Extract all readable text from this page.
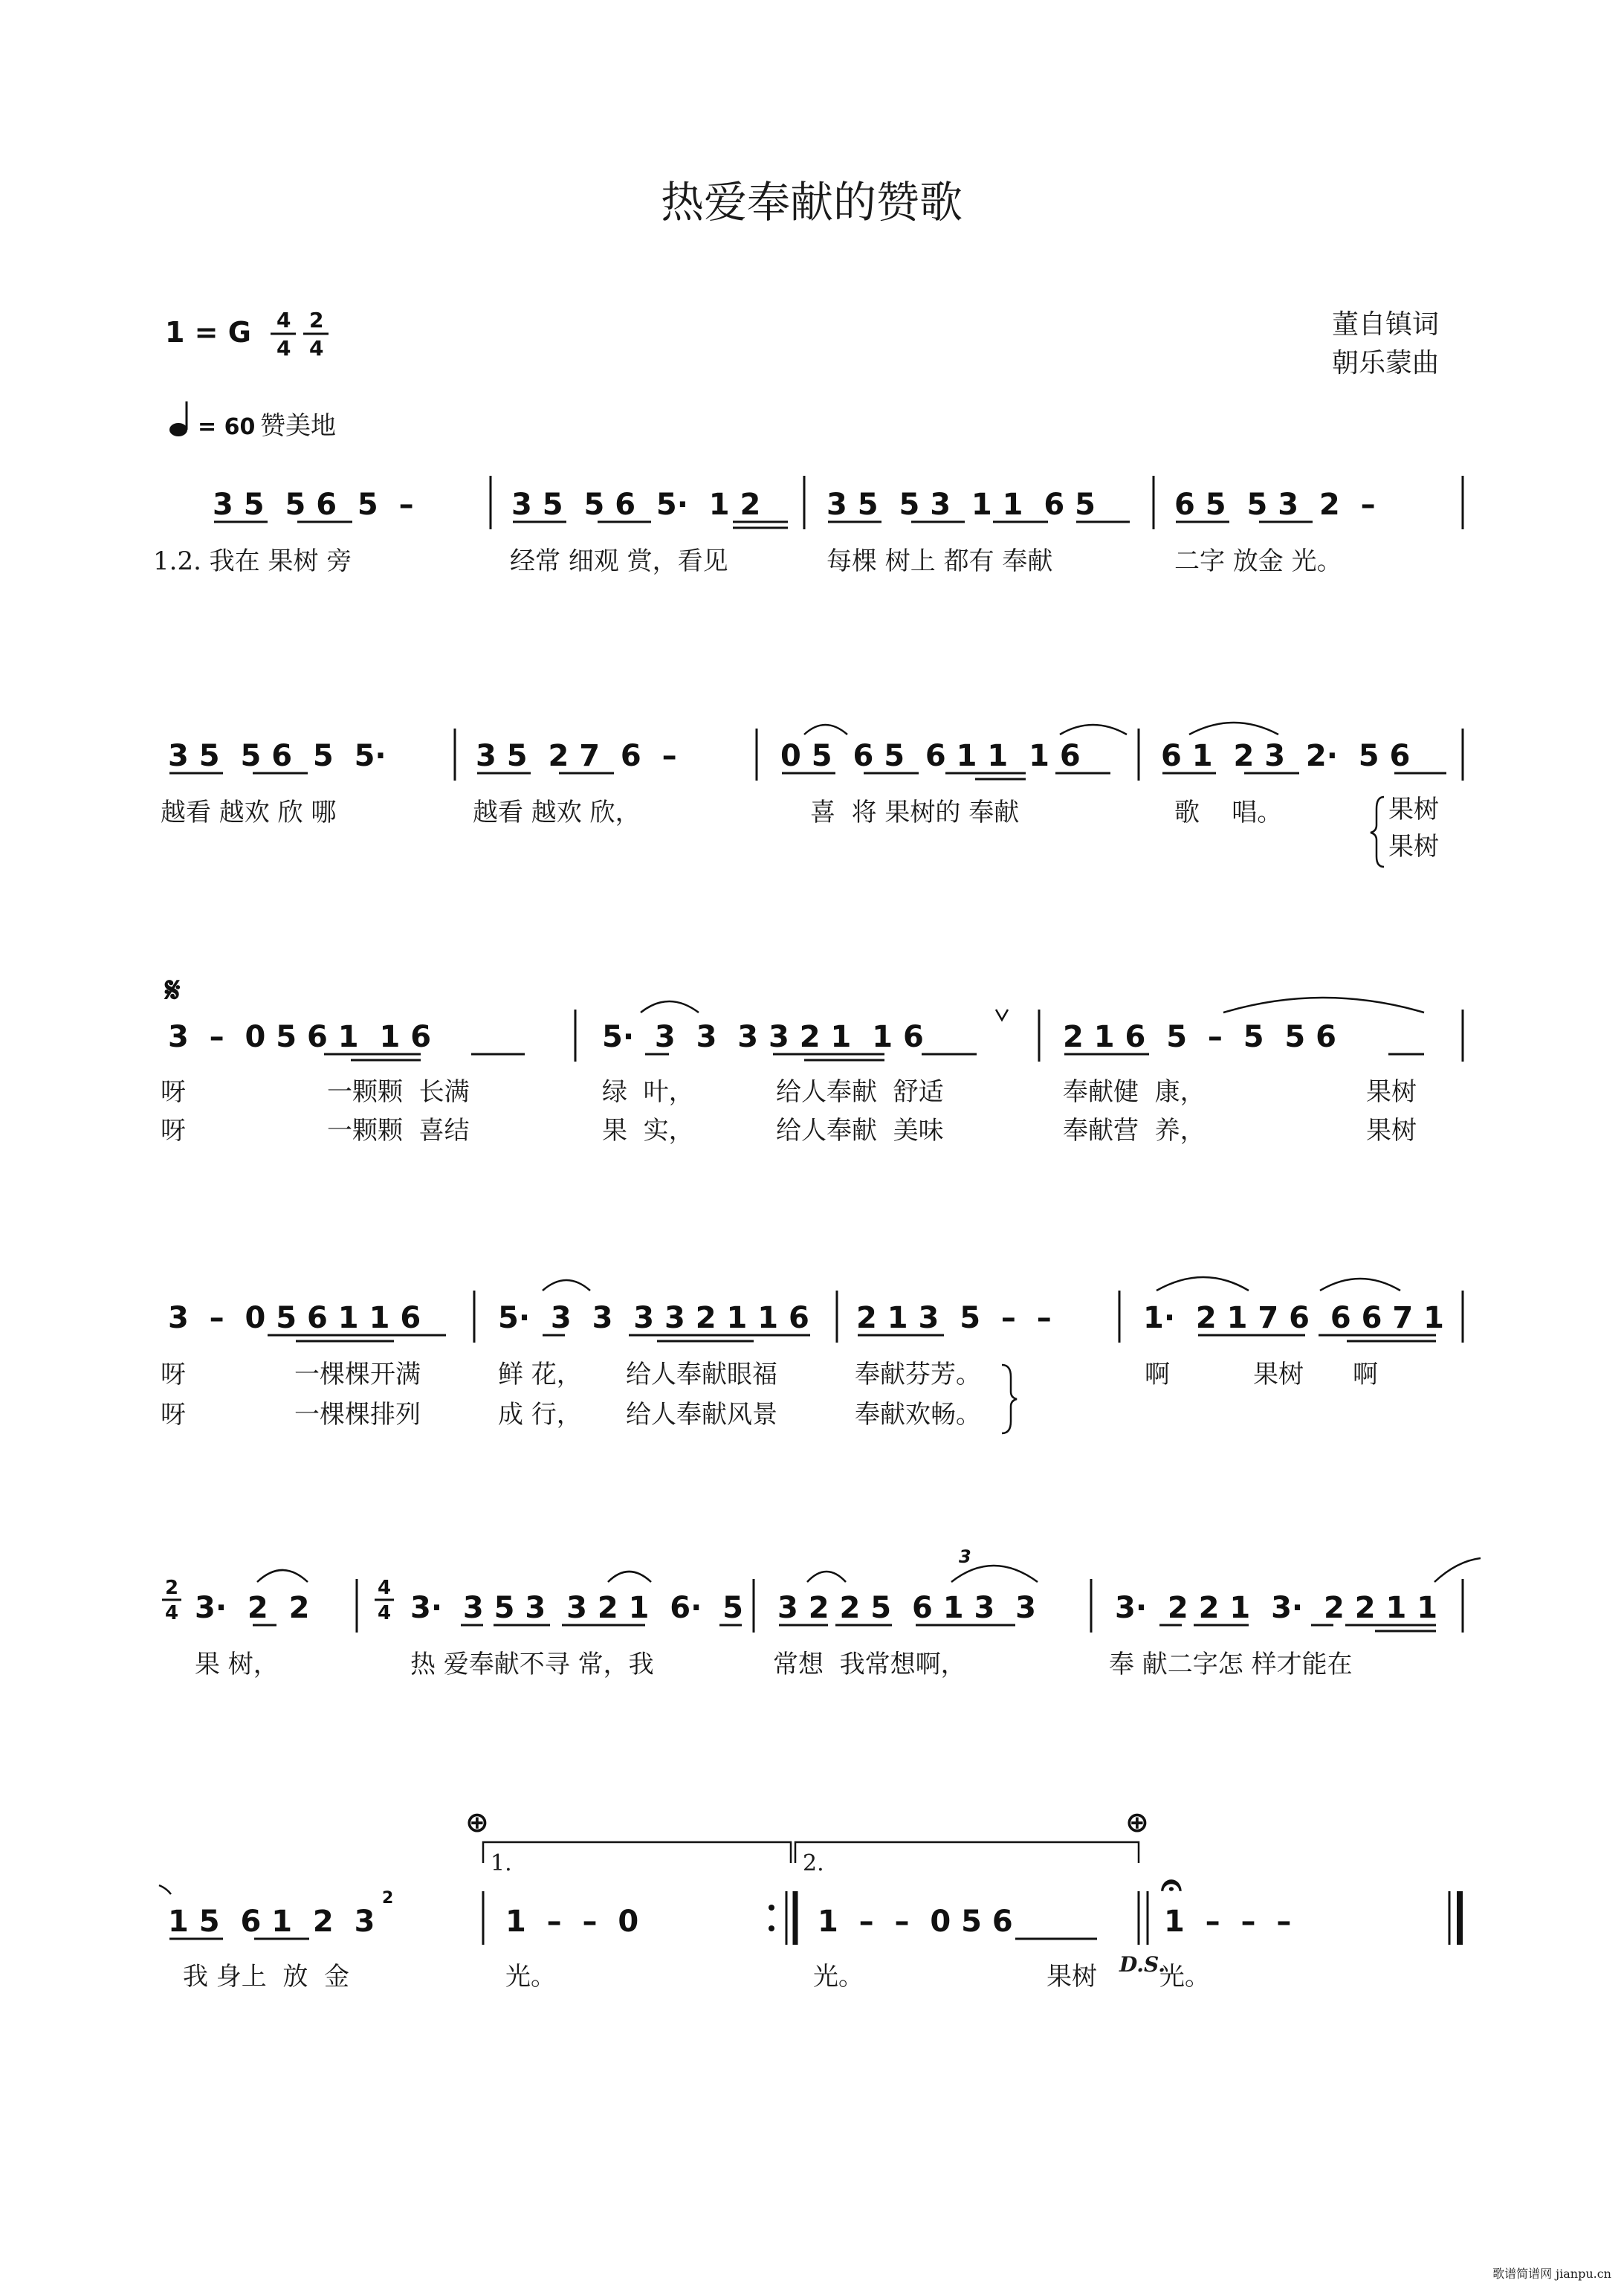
热爱奉献的赞歌
1 = G 4
4
2
4
董自镇词
朝乐蒙曲
= 60 赞美地
3 5  5 6  5  –	3 5  5 6  5·  1 2 3 5  5 3  1 1  6 5	6 5  5 3  2  –
1.2. 我在 果树 旁	经常 细观 赏，看见	每棵 树上 都有 奉献	二字 放金 光。
3 5  5 6  5  5·	3 5  2 7  6  –	0 5  6 5  6 1 1  1 6	6 1  2 3  2·  5 6
越看 越欢 欣 哪	越看 越欢 欣，	喜  将 果树的 奉献	歌    唱。	果树
果树
𝄋
3  –  0 5 6 1  1 6	5·  3  3  3 3 2 1  1 6	2 1 6  5  –  5  5 6
呀	一颗颗  长满	绿  叶，	给人奉献  舒适	奉献健  康，	果树
呀	一颗颗  喜结	果  实，	给人奉献  美味	奉献营  养，	果树
3  –  0 5 6 1 1 6	5·  3  3  3 3 2 1 1 6 2 1 3  5  –  –	1·  2 1 7 6  6 6 7 1
呀	一棵棵开满	鲜 花， 给人奉献眼福	奉献芬芳。	啊	果树 啊
呀	一棵棵排列	成 行， 给人奉献风景	奉献欢畅。
2
4 3·  2  2
4
4 3·  3 5 3  3 2 1  6·  5
3
3 2 2 5  6 1 3  3	3·  2 2 1  3·  2 2 1 1
果 树，	热 爱奉献不寻 常，我	常想  我常想啊，	奉 献二字怎 样才能在
⊕	⊕
𝄐
1.	2.
1 5  6 1  2  3
2
1  –  –  0	1  –  –  0 5 6	1  –  –  –
我 身上  放  金	光。	光。	果树 D.S.
光。
歌谱简谱网 jianpu.cn
